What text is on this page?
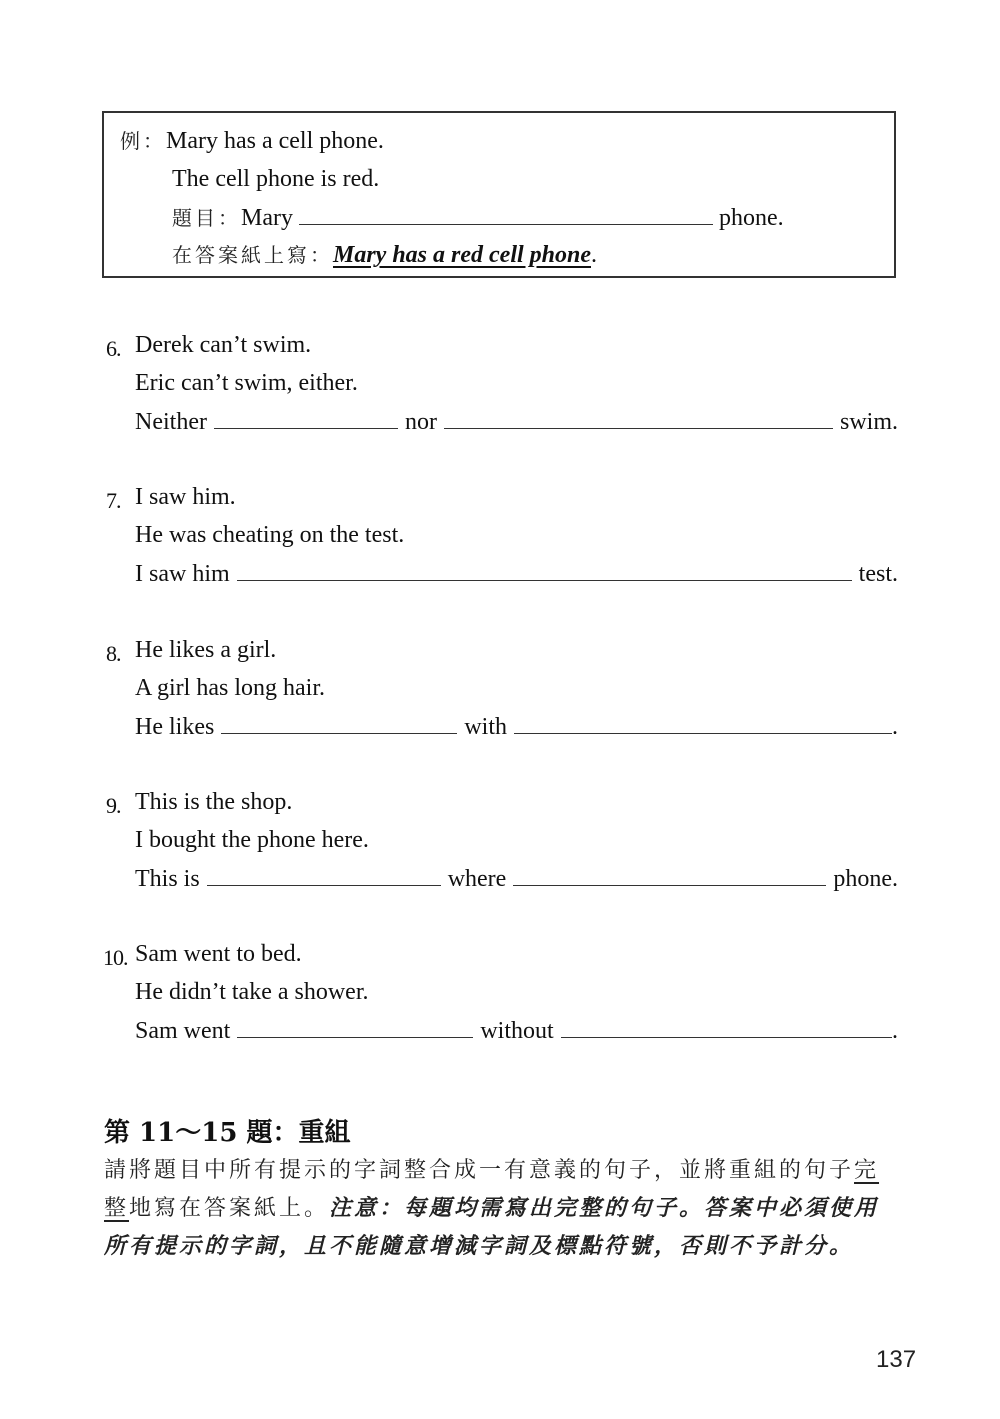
例：Mary has a cell phone.
The cell phone is red.
題目：Mary	phone.
在答案紙上寫：Mary has a red cell phone.
6. Derek can’t swim.
Eric can’t swim, either.
Neither	nor	swim.
7. I saw him.
He was cheating on the test.
I saw him	test.
8. He likes a girl.
A girl has long hair.
He likes	with	.
9. This is the shop.
I bought the phone here.
This is	where	phone.
10. Sam went to bed.
He didn’t take a shower.
Sam went	without	.
第 11～15 題：重組
請將題目中所有提示的字詞整合成一有意義的句子，並將重組的句子完整地寫在答案紙上。注意：每題均需寫出完整的句子。答案中必須使用所有提示的字詞，且不能隨意增減字詞及標點符號，否則不予計分。
137
